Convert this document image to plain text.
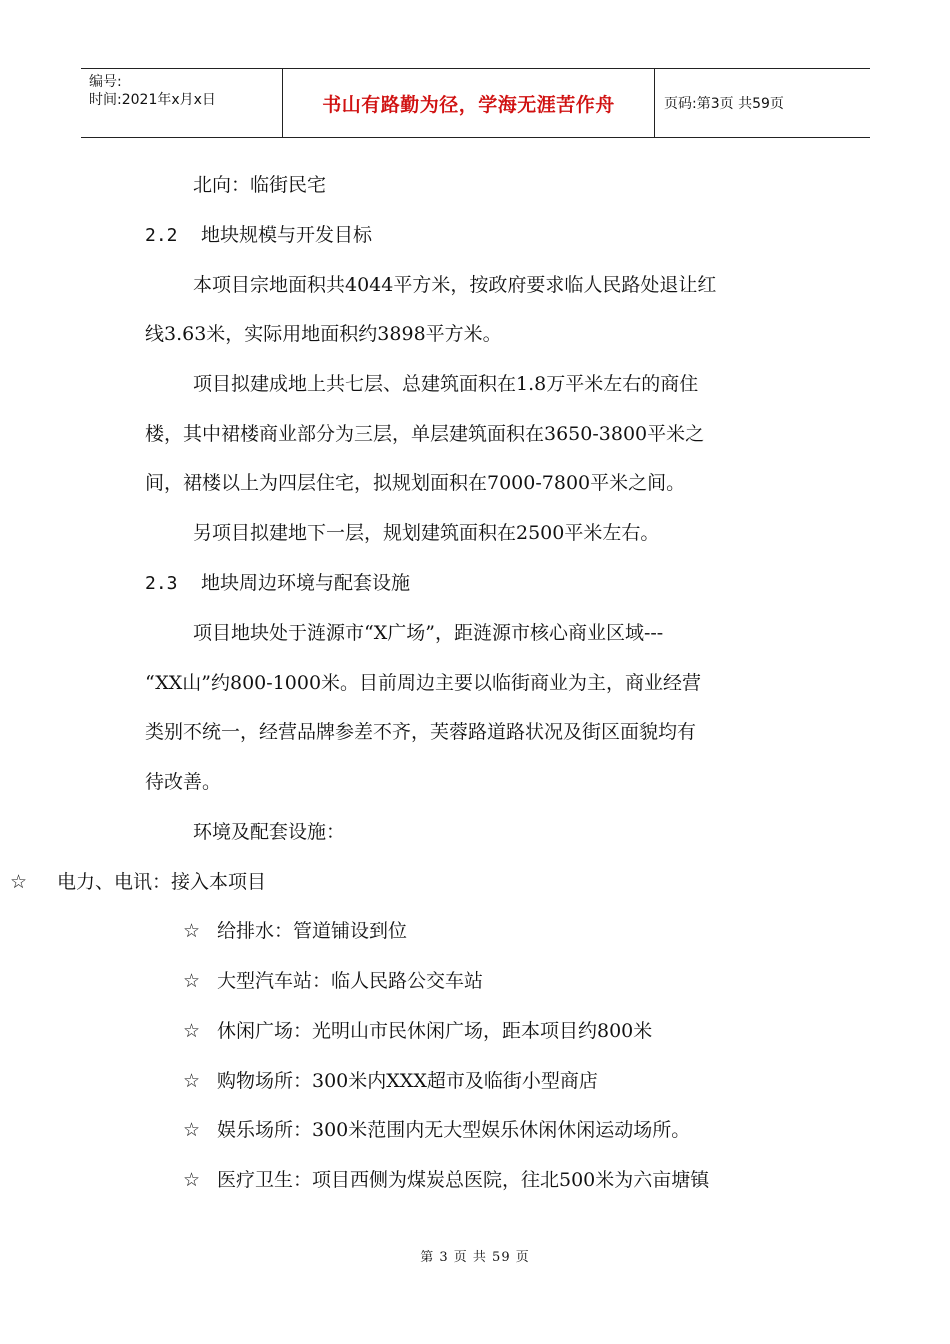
编号:
时间:2021年x月x日	书山有路勤为径，学海无涯苦作舟	页码:第3页 共59页
北向：临街民宅
2.2 地块规模与开发目标
本项目宗地面积共4044平方米，按政府要求临人民路处退让红
线3.63米，实际用地面积约3898平方米。
项目拟建成地上共七层、总建筑面积在1.8万平米左右的商住
楼，其中裙楼商业部分为三层，单层建筑面积在3650-3800平米之
间，裙楼以上为四层住宅，拟规划面积在7000-7800平米之间。
另项目拟建地下一层，规划建筑面积在2500平米左右。
2.3 地块周边环境与配套设施
项目地块处于涟源市“X广场”，距涟源市核心商业区域---
“XX山”约800-1000米。目前周边主要以临街商业为主，商业经营
类别不统一，经营品牌参差不齐，芙蓉路道路状况及街区面貌均有
待改善。
环境及配套设施：
☆ 电力、电讯：接入本项目
☆ 给排水：管道铺设到位
☆ 大型汽车站：临人民路公交车站
☆ 休闲广场：光明山市民休闲广场，距本项目约800米
☆ 购物场所：300米内XXX超市及临街小型商店
☆ 娱乐场所：300米范围内无大型娱乐休闲休闲运动场所。
☆ 医疗卫生：项目西侧为煤炭总医院，往北500米为六亩塘镇
第 3 页 共 59 页
